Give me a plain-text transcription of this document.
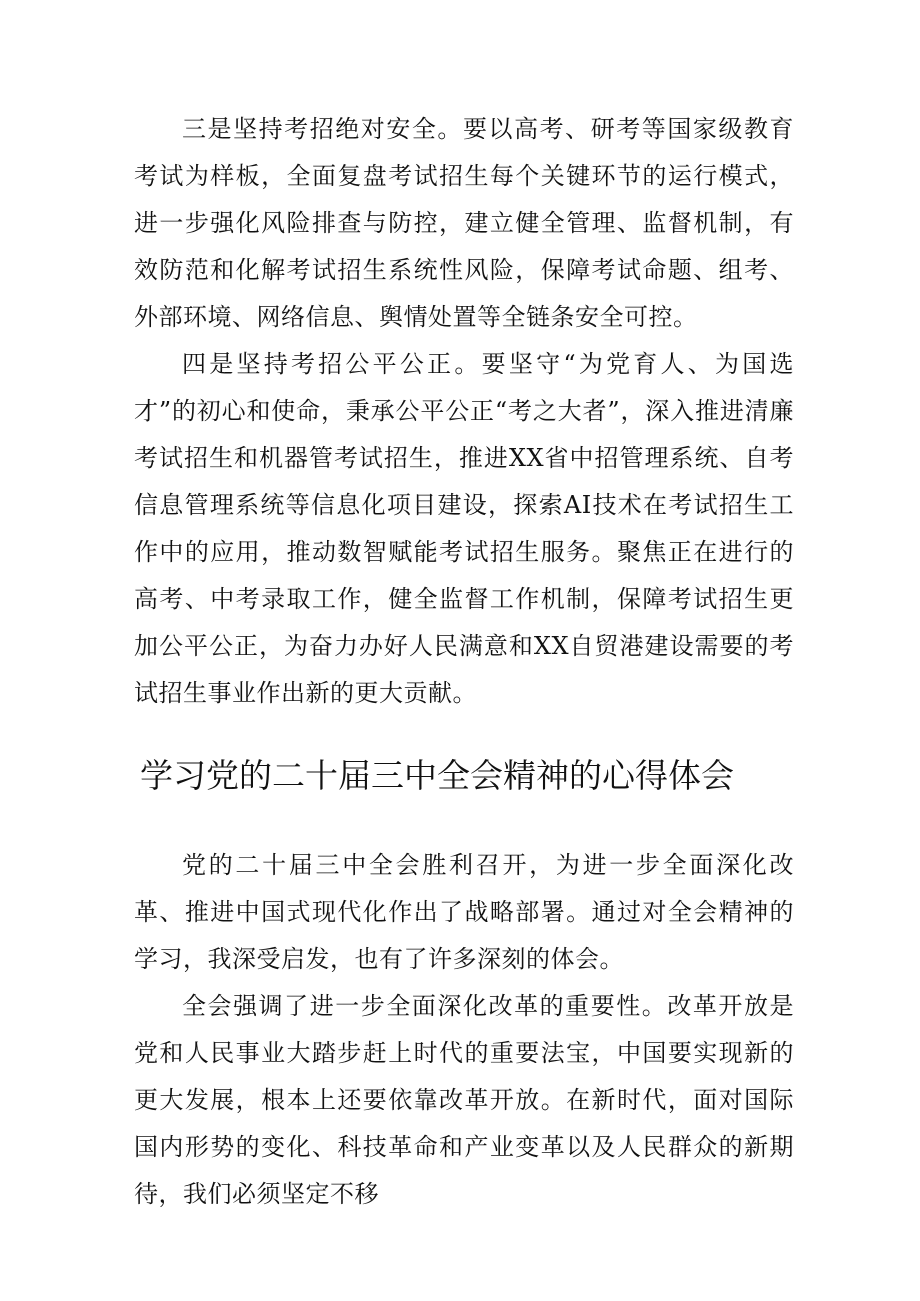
三是坚持考招绝对安全。要以高考、研考等国家级教育考试为样板，全面复盘考试招生每个关键环节的运行模式，进一步强化风险排查与防控，建立健全管理、监督机制，有效防范和化解考试招生系统性风险，保障考试命题、组考、外部环境、网络信息、舆情处置等全链条安全可控。

四是坚持考招公平公正。要坚守“为党育人、为国选才”的初心和使命，秉承公平公正“考之大者”，深入推进清廉考试招生和机器管考试招生，推进XX省中招管理系统、自考信息管理系统等信息化项目建设，探索AI技术在考试招生工作中的应用，推动数智赋能考试招生服务。聚焦正在进行的高考、中考录取工作，健全监督工作机制，保障考试招生更加公平公正，为奋力办好人民满意和XX自贸港建设需要的考试招生事业作出新的更大贡献。

学习党的二十届三中全会精神的心得体会

党的二十届三中全会胜利召开，为进一步全面深化改革、推进中国式现代化作出了战略部署。通过对全会精神的学习，我深受启发，也有了许多深刻的体会。

全会强调了进一步全面深化改革的重要性。改革开放是党和人民事业大踏步赶上时代的重要法宝，中国要实现新的更大发展，根本上还要依靠改革开放。在新时代，面对国际国内形势的变化、科技革命和产业变革以及人民群众的新期待，我们必须坚定不移
